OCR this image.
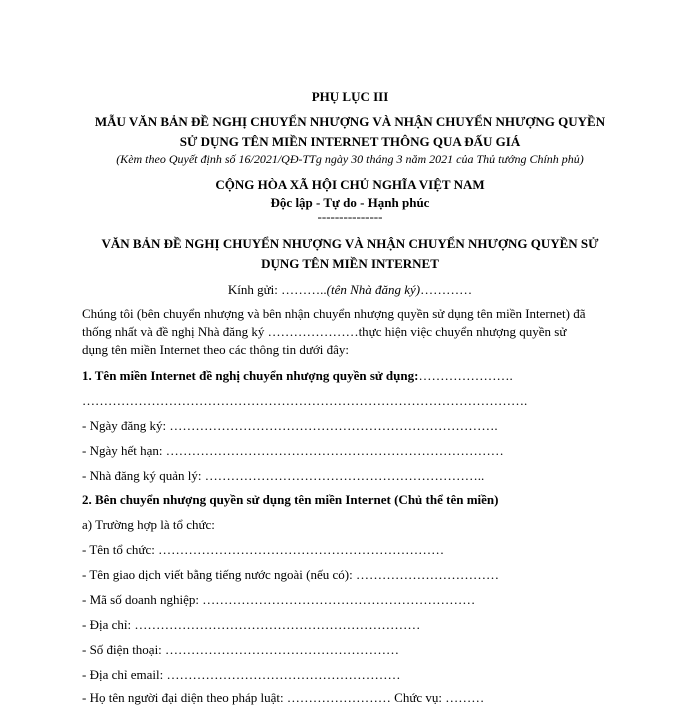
PHỤ LỤC III
MẪU VĂN BẢN ĐỀ NGHỊ CHUYỂN NHƯỢNG VÀ NHẬN CHUYỂN NHƯỢNG QUYỀN
SỬ DỤNG TÊN MIỀN INTERNET THÔNG QUA ĐẤU GIÁ
(Kèm theo Quyết định số 16/2021/QĐ-TTg ngày 30 tháng 3 năm 2021 của Thủ tướng Chính phủ)
CỘNG HÒA XÃ HỘI CHỦ NGHĨA VIỆT NAM
Độc lập - Tự do - Hạnh phúc
---------------
VĂN BẢN ĐỀ NGHỊ CHUYỂN NHƯỢNG VÀ NHẬN CHUYỂN NHƯỢNG QUYỀN SỬ
DỤNG TÊN MIỀN INTERNET
Kính gửi: ………..(tên Nhà đăng ký)…………
Chúng tôi (bên chuyển nhượng và bên nhận chuyển nhượng quyền sử dụng tên miền Internet) đã
thống nhất và đề nghị Nhà đăng ký …………………thực hiện việc chuyển nhượng quyền sử
dụng tên miền Internet theo các thông tin dưới đây:
1. Tên miền Internet đề nghị chuyển nhượng quyền sử dụng:………………….
………………………………………………………………………………………….
- Ngày đăng ký: ………………………………………………………………….
- Ngày hết hạn: ……………………………………………………………………
- Nhà đăng ký quản lý: ………………………………………………………..
2. Bên chuyển nhượng quyền sử dụng tên miền Internet (Chủ thể tên miền)
a) Trường hợp là tổ chức:
- Tên tổ chức: …………………………………………………………
- Tên giao dịch viết bằng tiếng nước ngoài (nếu có): ……………………………
- Mã số doanh nghiệp: ………………………………………………………
- Địa chỉ: …………………………………………………………
- Số điện thoại: ………………………………………………
- Địa chỉ email: ………………………………………………
- Họ tên người đại diện theo pháp luật: …………………… Chức vụ: ………
